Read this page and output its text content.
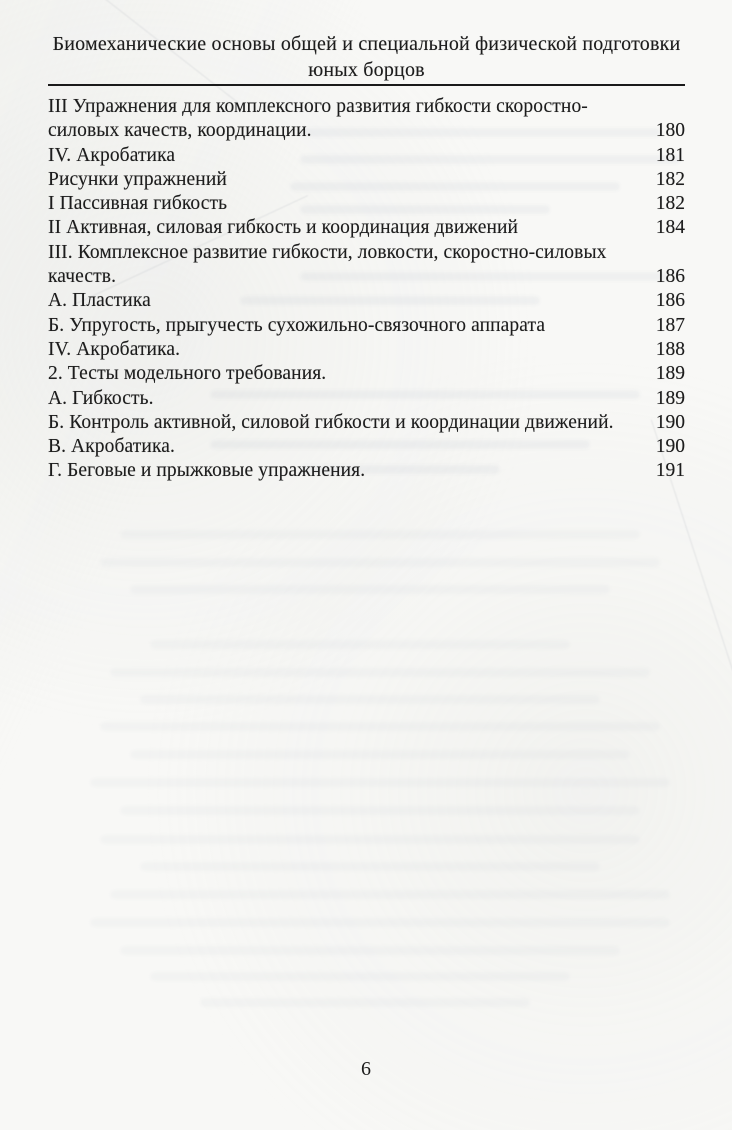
Биомеханические основы общей и специальной физической подготовки
юных борцов
III Упражнения для комплексного развития гибкости скоростно-
силовых качеств, координации.	180
IV. Акробатика	181
Рисунки упражнений	182
I Пассивная гибкость	182
II Активная, силовая гибкость и координация движений	184
III. Комплексное развитие гибкости, ловкости, скоростно-силовых
качеств.	186
А. Пластика	186
Б. Упругость, прыгучесть сухожильно-связочного аппарата	187
IV. Акробатика.	188
2. Тесты модельного требования.	189
А. Гибкость.	189
Б. Контроль активной, силовой гибкости и координации движений.	190
В. Акробатика.	190
Г. Беговые и прыжковые упражнения.	191
6
